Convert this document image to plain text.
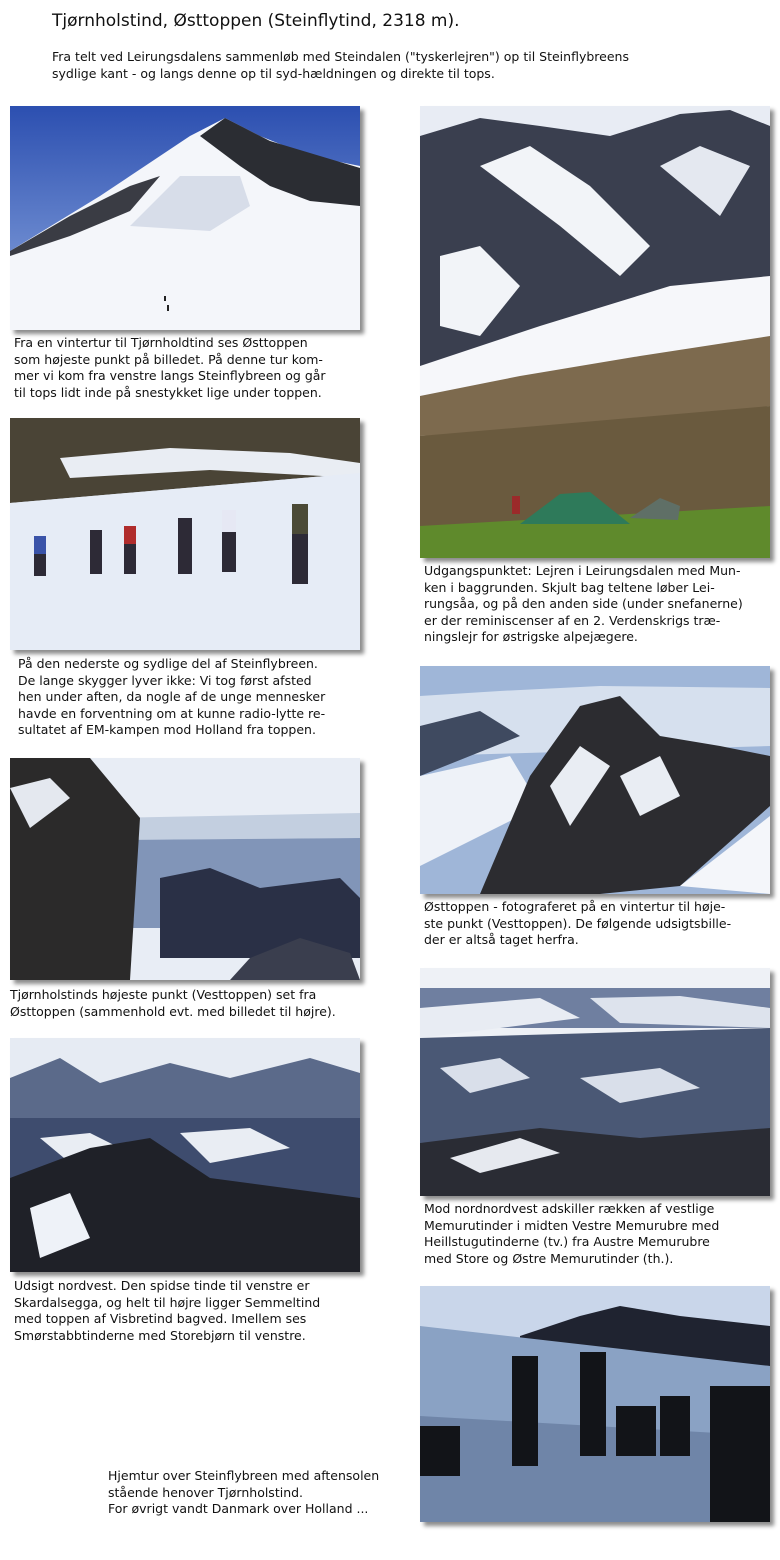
Tjørnholstind, Østtoppen (Steinflytind, 2318 m).
Fra telt ved Leirungsdalens sammenløb med Steindalen ("tyskerlejren") op til Steinflybreens
sydlige kant - og langs denne op til syd-hældningen og direkte til tops.
Fra en vintertur til Tjørnholdtind ses Østtoppen
som højeste punkt på billedet. På denne tur kom-
mer vi kom fra venstre langs Steinflybreen og går
til tops lidt inde på snestykket lige under toppen.
Udgangspunktet: Lejren i Leirungsdalen med Mun-
ken i baggrunden. Skjult bag teltene løber Lei-
rungsåa, og på den anden side (under snefanerne)
er der reminiscenser af en 2. Verdenskrigs træ-
ningslejr for østrigske alpejægere.
På den nederste og sydlige del af Steinflybreen.
De lange skygger lyver ikke: Vi tog først afsted
hen under aften, da nogle af de unge mennesker
havde en forventning om at kunne radio-lytte re-
sultatet af EM-kampen mod Holland fra toppen.
Østtoppen - fotograferet på en vintertur til høje-
ste punkt (Vesttoppen). De følgende udsigtsbille-
der er altså taget herfra.
Tjørnholstinds højeste punkt (Vesttoppen) set fra
Østtoppen (sammenhold evt. med billedet til højre).
Mod nordnordvest adskiller rækken af vestlige
Memurutinder i midten Vestre Memurubre med
Heillstugutinderne (tv.) fra Austre Memurubre
med Store og Østre Memurutinder (th.).
Udsigt nordvest. Den spidse tinde til venstre er
Skardalsegga, og helt til højre ligger Semmeltind
med toppen af Visbretind bagved. Imellem ses
Smørstabbtinderne med Storebjørn til venstre.
Hjemtur over Steinflybreen med aftensolen
stående henover Tjørnholstind.
For øvrigt vandt Danmark over Holland ...
